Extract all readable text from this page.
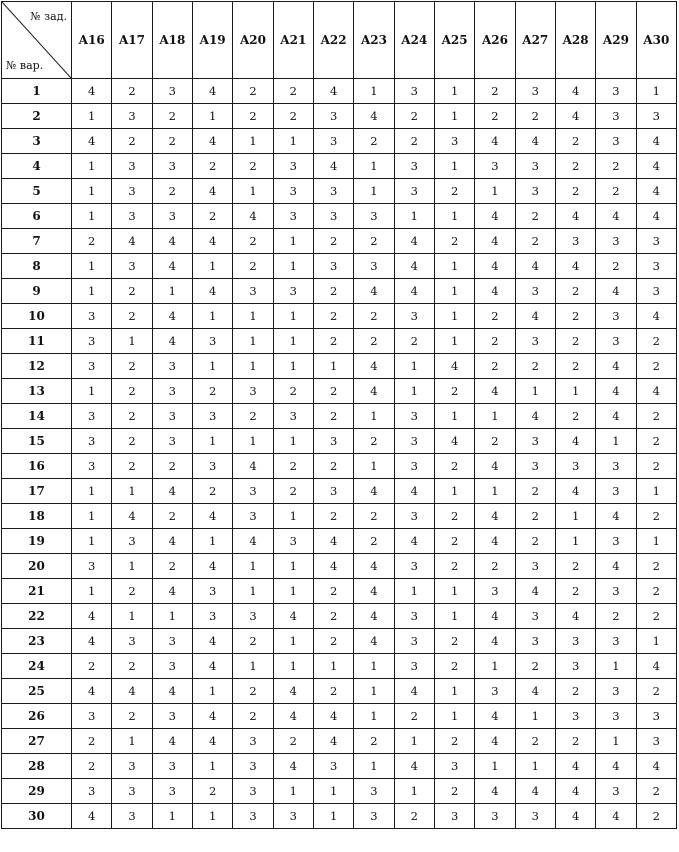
№ зад.
№ вар.	A16	A17	A18	A19	A20	A21	A22	A23	A24	A25	A26	A27	A28	A29	A30
1	4	2	3	4	2	2	4	1	3	1	2	3	4	3	1
2	1	3	2	1	2	2	3	4	2	1	2	2	4	3	3
3	4	2	2	4	1	1	3	2	2	3	4	4	2	3	4
4	1	3	3	2	2	3	4	1	3	1	3	3	2	2	4
5	1	3	2	4	1	3	3	1	3	2	1	3	2	2	4
6	1	3	3	2	4	3	3	3	1	1	4	2	4	4	4
7	2	4	4	4	2	1	2	2	4	2	4	2	3	3	3
8	1	3	4	1	2	1	3	3	4	1	4	4	4	2	3
9	1	2	1	4	3	3	2	4	4	1	4	3	2	4	3
10	3	2	4	1	1	1	2	2	3	1	2	4	2	3	4
11	3	1	4	3	1	1	2	2	2	1	2	3	2	3	2
12	3	2	3	1	1	1	1	4	1	4	2	2	2	4	2
13	1	2	3	2	3	2	2	4	1	2	4	1	1	4	4
14	3	2	3	3	2	3	2	1	3	1	1	4	2	4	2
15	3	2	3	1	1	1	3	2	3	4	2	3	4	1	2
16	3	2	2	3	4	2	2	1	3	2	4	3	3	3	2
17	1	1	4	2	3	2	3	4	4	1	1	2	4	3	1
18	1	4	2	4	3	1	2	2	3	2	4	2	1	4	2
19	1	3	4	1	4	3	4	2	4	2	4	2	1	3	1
20	3	1	2	4	1	1	4	4	3	2	2	3	2	4	2
21	1	2	4	3	1	1	2	4	1	1	3	4	2	3	2
22	4	1	1	3	3	4	2	4	3	1	4	3	4	2	2
23	4	3	3	4	2	1	2	4	3	2	4	3	3	3	1
24	2	2	3	4	1	1	1	1	3	2	1	2	3	1	4
25	4	4	4	1	2	4	2	1	4	1	3	4	2	3	2
26	3	2	3	4	2	4	4	1	2	1	4	1	3	3	3
27	2	1	4	4	3	2	4	2	1	2	4	2	2	1	3
28	2	3	3	1	3	4	3	1	4	3	1	1	4	4	4
29	3	3	3	2	3	1	1	3	1	2	4	4	4	3	2
30	4	3	1	1	3	3	1	3	2	3	3	3	4	4	2
